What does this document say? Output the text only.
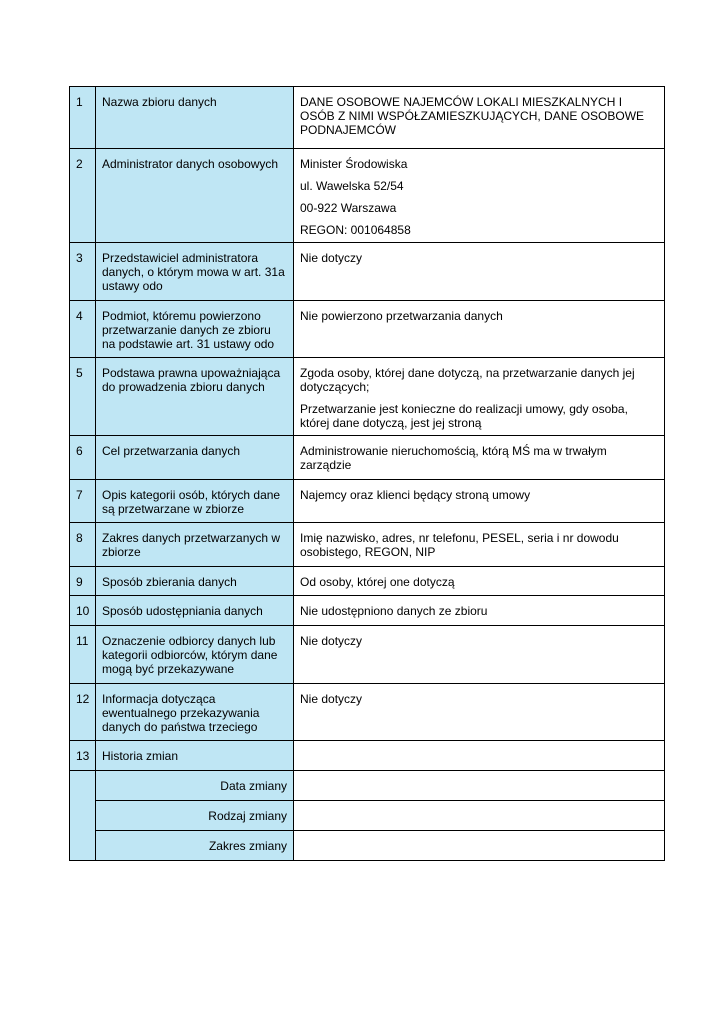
1	Nazwa zbioru danych	DANE OSOBOWE NAJEMCÓW LOKALI MIESZKALNYCH I OSÓB Z NIMI WSPÓŁZAMIESZKUJĄCYCH, DANE OSOBOWE PODNAJEMCÓW
2	Administrator danych osobowych	Minister Środowiska

ul. Wawelska 52/54

00-922 Warszawa

REGON: 001064858

3	Przedstawiciel administratora danych, o którym mowa w art. 31a ustawy odo	Nie dotyczy
4	Podmiot, któremu powierzono przetwarzanie danych ze zbioru na podstawie art. 31 ustawy odo	Nie powierzono przetwarzania danych
5	Podstawa prawna upoważniająca do prowadzenia zbioru danych	Zgoda osoby, której dane dotyczą, na przetwarzanie danych jej dotyczących;

Przetwarzanie jest konieczne do realizacji umowy, gdy osoba, której dane dotyczą, jest jej stroną

6	Cel przetwarzania danych	Administrowanie nieruchomością, którą MŚ ma w trwałym zarządzie
7	Opis kategorii osób, których dane są przetwarzane w zbiorze	Najemcy oraz klienci będący stroną umowy
8	Zakres danych przetwarzanych w zbiorze	Imię nazwisko, adres, nr telefonu, PESEL, seria i nr dowodu osobistego, REGON, NIP
9	Sposób zbierania danych	Od osoby, której one dotyczą
10	Sposób udostępniania danych	Nie udostępniono danych ze zbioru
11	Oznaczenie odbiorcy danych lub kategorii odbiorców, którym dane mogą być przekazywane	Nie dotyczy
12	Informacja dotycząca ewentualnego przekazywania danych do państwa trzeciego	Nie dotyczy
13	Historia zmian	
	Data zmiany	
	Rodzaj zmiany	
	Zakres zmiany	
